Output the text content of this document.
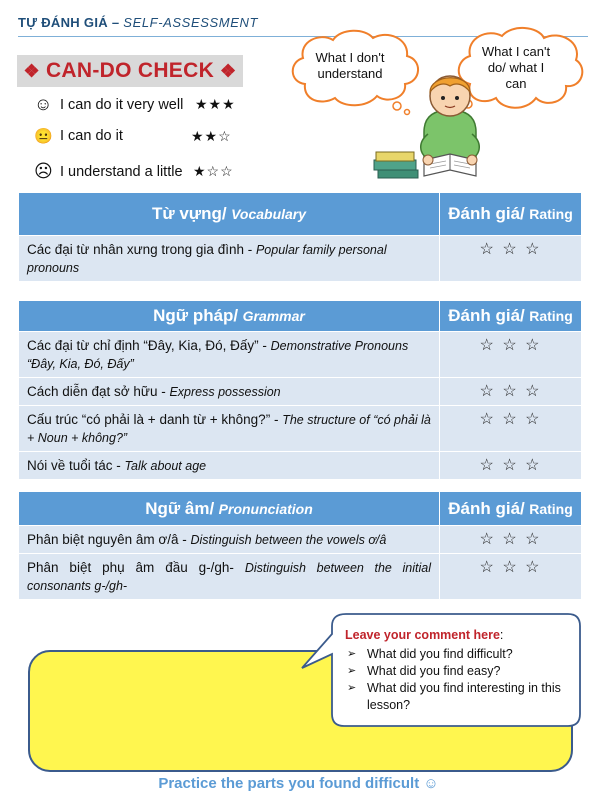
TỰ ĐÁNH GIÁ – SELF-ASSESSMENT
❖ CAN-DO CHECK ❖
☺ I can do it very well ★★★
😐 I can do it	★★☆
☹ I understand a little ★☆☆
What I don't understand
What I can't do/ what I can
Từ vựng/ Vocabulary	Đánh giá/ Rating
Các đại từ nhân xưng trong gia đình - Popular family personal pronouns	☆ ☆ ☆
Ngữ pháp/ Grammar	Đánh giá/ Rating
Các đại từ chỉ định “Đây, Kia, Đó, Đấy” - Demonstrative Pronouns “Đây, Kia, Đó, Đấy”	☆ ☆ ☆
Cách diễn đạt sở hữu - Express possession	☆ ☆ ☆
Cấu trúc “có phải là + danh từ + không?” - The structure of “có phải là + Noun + không?”	☆ ☆ ☆
Nói về tuổi tác - Talk about age	☆ ☆ ☆
Ngữ âm/ Pronunciation	Đánh giá/ Rating
Phân biệt nguyên âm ơ/â - Distinguish between the vowels ơ/â	☆ ☆ ☆
Phân biệt phụ âm đầu g-/gh- Distinguish between the initial consonants g-/gh-	☆ ☆ ☆
Leave your comment here:
➢ What did you find difficult?
➢ What did you find easy?
➢ What did you find interesting in this lesson?
Practice the parts you found difficult ☺
